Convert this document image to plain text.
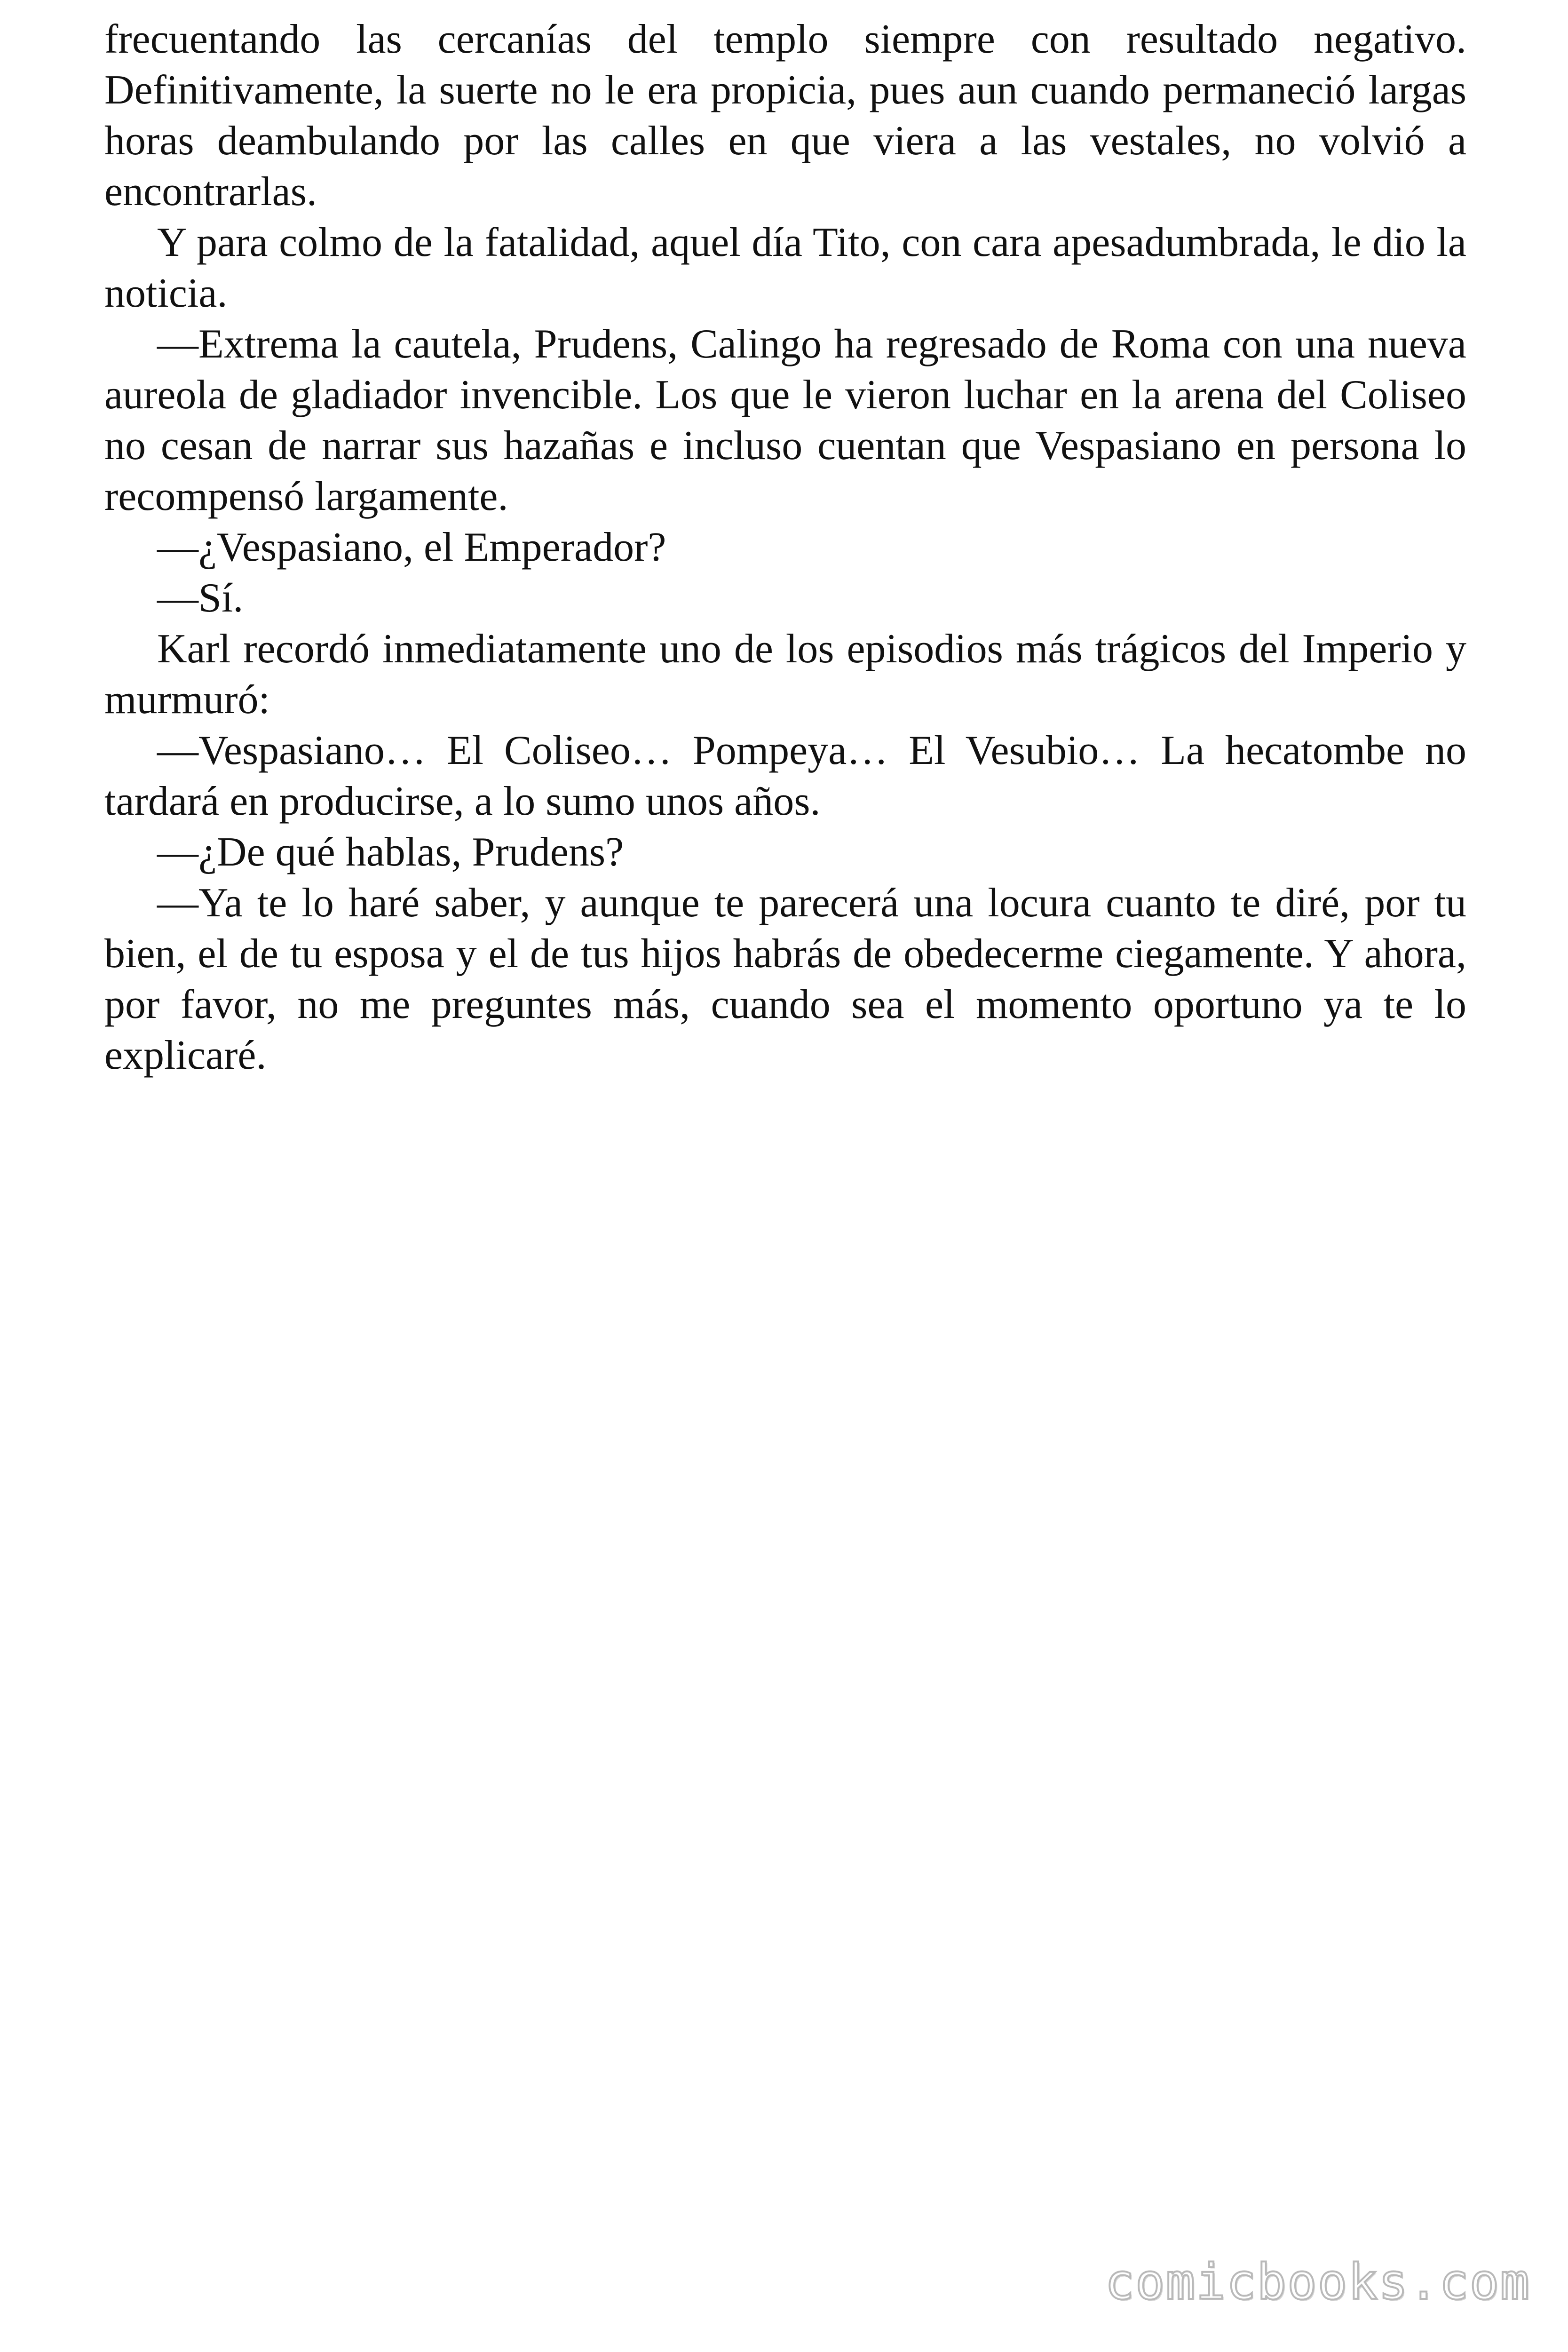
frecuentando las cercanías del templo siempre con resultado negativo. Definitivamente, la suerte no le era propicia, pues aun cuando permaneció largas horas deambulando por las calles en que viera a las vestales, no volvió a encontrarlas.

Y para colmo de la fatalidad, aquel día Tito, con cara apesadumbrada, le dio la noticia.

—Extrema la cautela, Prudens, Calingo ha regresado de Roma con una nueva aureola de gladiador invencible. Los que le vieron luchar en la arena del Coliseo no cesan de narrar sus hazañas e incluso cuentan que Vespasiano en persona lo recompensó largamente.

—¿Vespasiano, el Emperador?

—Sí.

Karl recordó inmediatamente uno de los episodios más trágicos del Imperio y murmuró:

—Vespasiano… El Coliseo… Pompeya… El Vesubio… La hecatombe no tardará en producirse, a lo sumo unos años.

—¿De qué hablas, Prudens?

—Ya te lo haré saber, y aunque te parecerá una locura cuanto te diré, por tu bien, el de tu esposa y el de tus hijos habrás de obedecerme ciegamente. Y ahora, por favor, no me preguntes más, cuando sea el momento oportuno ya te lo explicaré.

comicbooks.com
